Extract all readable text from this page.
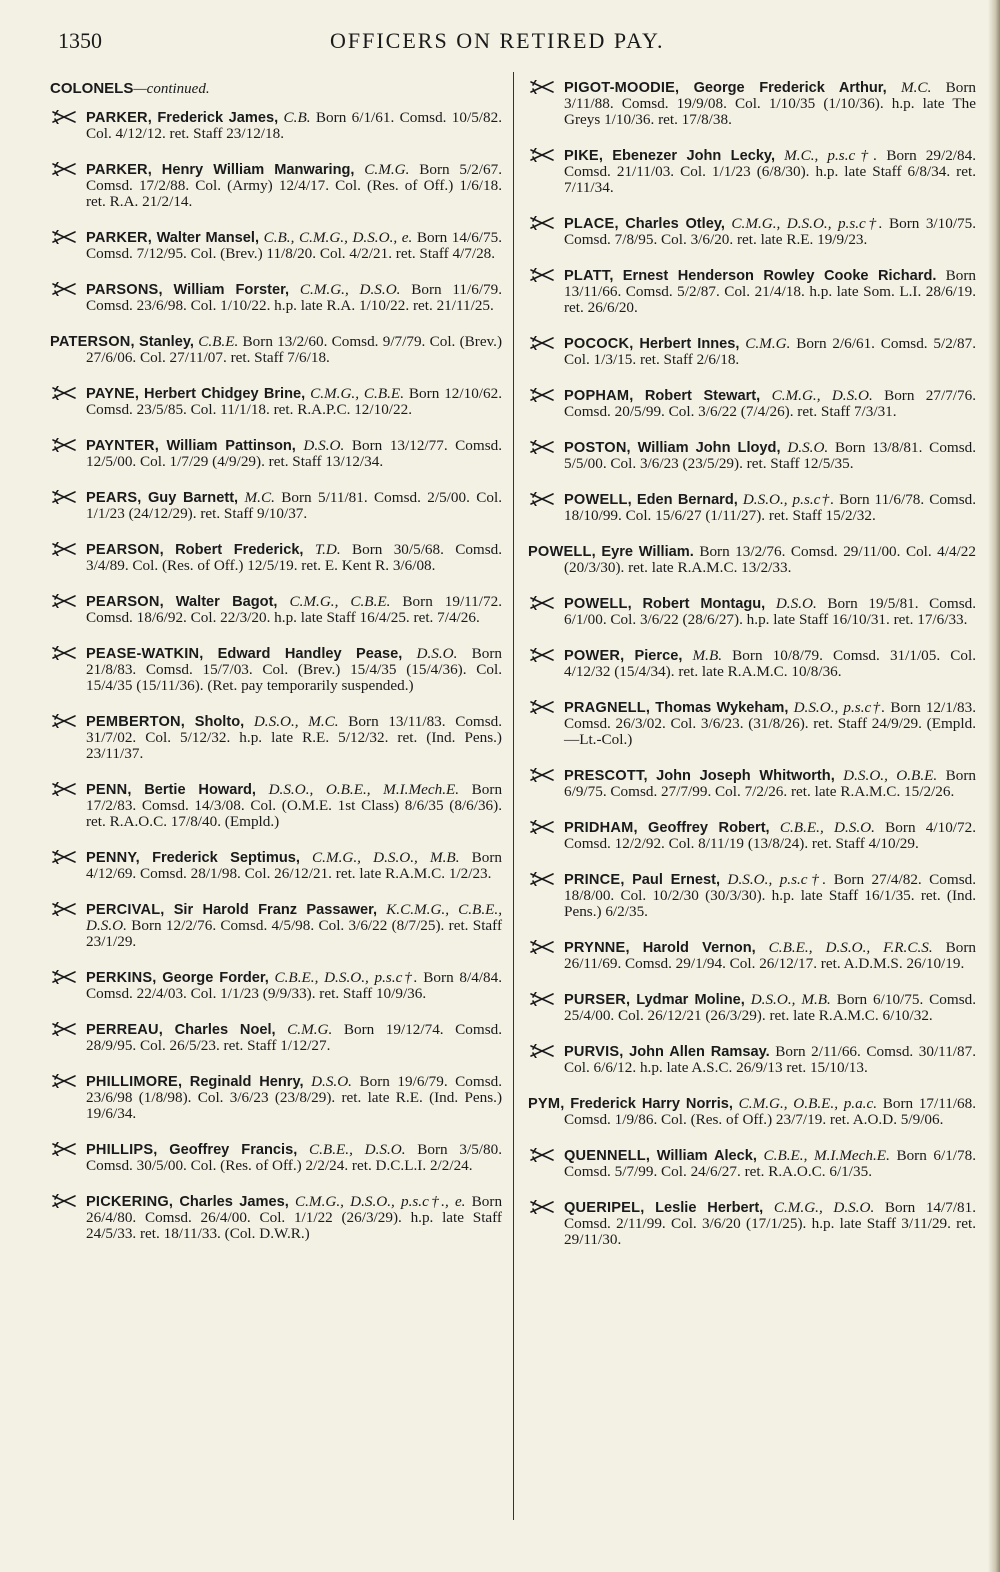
1350	OFFICERS ON RETIRED PAY.
COLONELS—continued.
PARKER, Frederick James, C.B. Born 6/1/61. Comsd. 10/5/82. Col. 4/12/12. ret. Staff 23/12/18.
PARKER, Henry William Manwaring, C.M.G. Born 5/2/67. Comsd. 17/2/88. Col. (Army) 12/4/17. Col. (Res. of Off.) 1/6/18. ret. R.A. 21/2/14.
PARKER, Walter Mansel, C.B., C.M.G., D.S.O., e. Born 14/6/75. Comsd. 7/12/95. Col. (Brev.) 11/8/20. Col. 4/2/21. ret. Staff 4/7/28.
PARSONS, William Forster, C.M.G., D.S.O. Born 11/6/79. Comsd. 23/6/98. Col. 1/10/22. h.p. late R.A. 1/10/22. ret. 21/11/25.
PATERSON, Stanley, C.B.E. Born 13/2/60. Comsd. 9/7/79. Col. (Brev.) 27/6/06. Col. 27/11/07. ret. Staff 7/6/18.
PAYNE, Herbert Chidgey Brine, C.M.G., C.B.E. Born 12/10/62. Comsd. 23/5/85. Col. 11/1/18. ret. R.A.P.C. 12/10/22.
PAYNTER, William Pattinson, D.S.O. Born 13/12/77. Comsd. 12/5/00. Col. 1/7/29 (4/9/29). ret. Staff 13/12/34.
PEARS, Guy Barnett, M.C. Born 5/11/81. Comsd. 2/5/00. Col. 1/1/23 (24/12/29). ret. Staff 9/10/37.
PEARSON, Robert Frederick, T.D. Born 30/5/68. Comsd. 3/4/89. Col. (Res. of Off.) 12/5/19. ret. E. Kent R. 3/6/08.
PEARSON, Walter Bagot, C.M.G., C.B.E. Born 19/11/72. Comsd. 18/6/92. Col. 22/3/20. h.p. late Staff 16/4/25. ret. 7/4/26.
PEASE-WATKIN, Edward Handley Pease, D.S.O. Born 21/8/83. Comsd. 15/7/03. Col. (Brev.) 15/4/35 (15/4/36). Col. 15/4/35 (15/11/36). (Ret. pay temporarily suspended.)
PEMBERTON, Sholto, D.S.O., M.C. Born 13/11/83. Comsd. 31/7/02. Col. 5/12/32. h.p. late R.E. 5/12/32. ret. (Ind. Pens.) 23/11/37.
PENN, Bertie Howard, D.S.O., O.B.E., M.I.Mech.E. Born 17/2/83. Comsd. 14/3/08. Col. (O.M.E. 1st Class) 8/6/35 (8/6/36). ret. R.A.O.C. 17/8/40. (Empld.)
PENNY, Frederick Septimus, C.M.G., D.S.O., M.B. Born 4/12/69. Comsd. 28/1/98. Col. 26/12/21. ret. late R.A.M.C. 1/2/23.
PERCIVAL, Sir Harold Franz Passawer, K.C.M.G., C.B.E., D.S.O. Born 12/2/76. Comsd. 4/5/98. Col. 3/6/22 (8/7/25). ret. Staff 23/1/29.
PERKINS, George Forder, C.B.E., D.S.O., p.s.c†. Born 8/4/84. Comsd. 22/4/03. Col. 1/1/23 (9/9/33). ret. Staff 10/9/36.
PERREAU, Charles Noel, C.M.G. Born 19/12/74. Comsd. 28/9/95. Col. 26/5/23. ret. Staff 1/12/27.
PHILLIMORE, Reginald Henry, D.S.O. Born 19/6/79. Comsd. 23/6/98 (1/8/98). Col. 3/6/23 (23/8/29). ret. late R.E. (Ind. Pens.) 19/6/34.
PHILLIPS, Geoffrey Francis, C.B.E., D.S.O. Born 3/5/80. Comsd. 30/5/00. Col. (Res. of Off.) 2/2/24. ret. D.C.L.I. 2/2/24.
PICKERING, Charles James, C.M.G., D.S.O., p.s.c†., e. Born 26/4/80. Comsd. 26/4/00. Col. 1/1/22 (26/3/29). h.p. late Staff 24/5/33. ret. 18/11/33. (Col. D.W.R.)
PIGOT-MOODIE, George Frederick Arthur, M.C. Born 3/11/88. Comsd. 19/9/08. Col. 1/10/35 (1/10/36). h.p. late The Greys 1/10/36. ret. 17/8/38.
PIKE, Ebenezer John Lecky, M.C., p.s.c†. Born 29/2/84. Comsd. 21/11/03. Col. 1/1/23 (6/8/30). h.p. late Staff 6/8/34. ret. 7/11/34.
PLACE, Charles Otley, C.M.G., D.S.O., p.s.c†. Born 3/10/75. Comsd. 7/8/95. Col. 3/6/20. ret. late R.E. 19/9/23.
PLATT, Ernest Henderson Rowley Cooke Richard. Born 13/11/66. Comsd. 5/2/87. Col. 21/4/18. h.p. late Som. L.I. 28/6/19. ret. 26/6/20.
POCOCK, Herbert Innes, C.M.G. Born 2/6/61. Comsd. 5/2/87. Col. 1/3/15. ret. Staff 2/6/18.
POPHAM, Robert Stewart, C.M.G., D.S.O. Born 27/7/76. Comsd. 20/5/99. Col. 3/6/22 (7/4/26). ret. Staff 7/3/31.
POSTON, William John Lloyd, D.S.O. Born 13/8/81. Comsd. 5/5/00. Col. 3/6/23 (23/5/29). ret. Staff 12/5/35.
POWELL, Eden Bernard, D.S.O., p.s.c†. Born 11/6/78. Comsd. 18/10/99. Col. 15/6/27 (1/11/27). ret. Staff 15/2/32.
POWELL, Eyre William. Born 13/2/76. Comsd. 29/11/00. Col. 4/4/22 (20/3/30). ret. late R.A.M.C. 13/2/33.
POWELL, Robert Montagu, D.S.O. Born 19/5/81. Comsd. 6/1/00. Col. 3/6/22 (28/6/27). h.p. late Staff 16/10/31. ret. 17/6/33.
POWER, Pierce, M.B. Born 10/8/79. Comsd. 31/1/05. Col. 4/12/32 (15/4/34). ret. late R.A.M.C. 10/8/36.
PRAGNELL, Thomas Wykeham, D.S.O., p.s.c†. Born 12/1/83. Comsd. 26/3/02. Col. 3/6/23. (31/8/26). ret. Staff 24/9/29. (Empld.—Lt.-Col.)
PRESCOTT, John Joseph Whitworth, D.S.O., O.B.E. Born 6/9/75. Comsd. 27/7/99. Col. 7/2/26. ret. late R.A.M.C. 15/2/26.
PRIDHAM, Geoffrey Robert, C.B.E., D.S.O. Born 4/10/72. Comsd. 12/2/92. Col. 8/11/19 (13/8/24). ret. Staff 4/10/29.
PRINCE, Paul Ernest, D.S.O., p.s.c†. Born 27/4/82. Comsd. 18/8/00. Col. 10/2/30 (30/3/30). h.p. late Staff 16/1/35. ret. (Ind. Pens.) 6/2/35.
PRYNNE, Harold Vernon, C.B.E., D.S.O., F.R.C.S. Born 26/11/69. Comsd. 29/1/94. Col. 26/12/17. ret. A.D.M.S. 26/10/19.
PURSER, Lydmar Moline, D.S.O., M.B. Born 6/10/75. Comsd. 25/4/00. Col. 26/12/21 (26/3/29). ret. late R.A.M.C. 6/10/32.
PURVIS, John Allen Ramsay. Born 2/11/66. Comsd. 30/11/87. Col. 6/6/12. h.p. late A.S.C. 26/9/13 ret. 15/10/13.
PYM, Frederick Harry Norris, C.M.G., O.B.E., p.a.c. Born 17/11/68. Comsd. 1/9/86. Col. (Res. of Off.) 23/7/19. ret. A.O.D. 5/9/06.
QUENNELL, William Aleck, C.B.E., M.I.Mech.E. Born 6/1/78. Comsd. 5/7/99. Col. 24/6/27. ret. R.A.O.C. 6/1/35.
QUERIPEL, Leslie Herbert, C.M.G., D.S.O. Born 14/7/81. Comsd. 2/11/99. Col. 3/6/20 (17/1/25). h.p. late Staff 3/11/29. ret. 29/11/30.
